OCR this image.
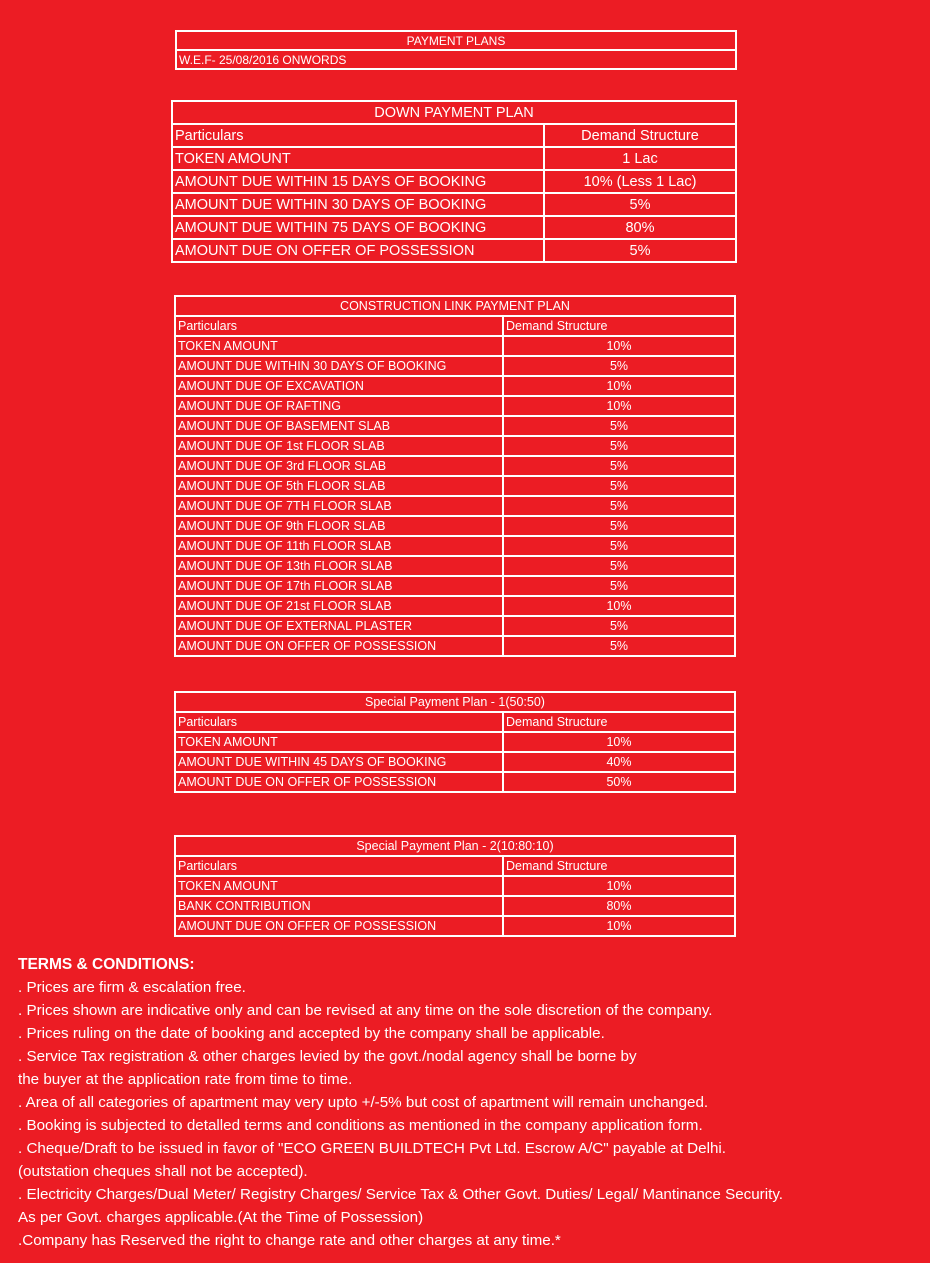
PAYMENT PLANS
W.E.F- 25/08/2016 ONWORDS
DOWN PAYMENT PLAN	
Particulars	Demand Structure
TOKEN AMOUNT	1 Lac
AMOUNT DUE WITHIN 15 DAYS OF BOOKING	10% (Less 1 Lac)
AMOUNT DUE WITHIN 30 DAYS OF BOOKING	5%
AMOUNT DUE WITHIN 75 DAYS OF BOOKING	80%
AMOUNT DUE ON OFFER OF POSSESSION	5%
CONSTRUCTION LINK PAYMENT PLAN	
Particulars	Demand Structure
TOKEN AMOUNT	10%
AMOUNT DUE WITHIN 30 DAYS OF BOOKING	5%
AMOUNT DUE OF EXCAVATION	10%
AMOUNT DUE OF RAFTING	10%
AMOUNT DUE OF BASEMENT SLAB	5%
AMOUNT DUE OF 1st FLOOR SLAB	5%
AMOUNT DUE OF 3rd FLOOR SLAB	5%
AMOUNT DUE OF 5th FLOOR SLAB	5%
AMOUNT DUE OF 7TH FLOOR SLAB	5%
AMOUNT DUE OF 9th FLOOR SLAB	5%
AMOUNT DUE OF 11th FLOOR SLAB	5%
AMOUNT DUE OF 13th FLOOR SLAB	5%
AMOUNT DUE OF 17th FLOOR SLAB	5%
AMOUNT DUE OF 21st FLOOR SLAB	10%
AMOUNT DUE OF EXTERNAL PLASTER	5%
AMOUNT DUE ON OFFER OF POSSESSION	5%
Special Payment Plan - 1(50:50)	
Particulars	Demand Structure
TOKEN AMOUNT	10%
AMOUNT DUE WITHIN 45 DAYS OF BOOKING	40%
AMOUNT DUE ON OFFER OF POSSESSION	50%
Special Payment Plan - 2(10:80:10)	
Particulars	Demand Structure
TOKEN AMOUNT	10%
BANK CONTRIBUTION	80%
AMOUNT DUE ON OFFER OF POSSESSION	10%
TERMS & CONDITIONS:
. Prices are firm & escalation free.
. Prices shown are indicative only and can be revised at any time on the sole discretion of the company.
. Prices ruling on the date of booking and accepted by the company shall be applicable.
. Service Tax registration & other charges levied by the govt./nodal agency shall be borne by
the buyer at the application rate from time to time.
. Area of all categories of apartment may very upto +/-5% but cost of apartment will remain unchanged.
. Booking is subjected to detalled terms and conditions as mentioned in the company application form.
. Cheque/Draft to be issued in favor of "ECO GREEN BUILDTECH Pvt Ltd. Escrow A/C" payable at Delhi.
(outstation cheques shall not be accepted).
. Electricity Charges/Dual Meter/ Registry Charges/ Service Tax & Other Govt. Duties/ Legal/ Mantinance Security.
As per Govt. charges applicable.(At the Time of Possession)
.Company has Reserved the right to change rate and other charges at any time.*
